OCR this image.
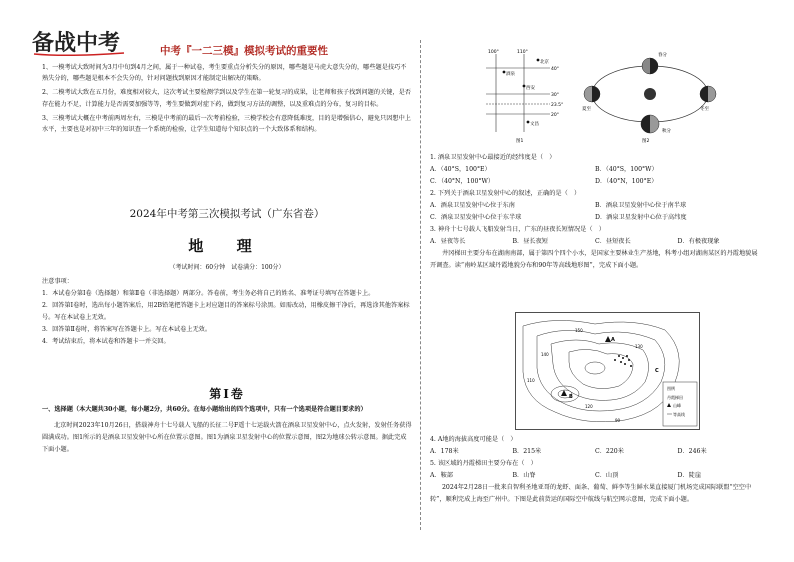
备战中考	中考『一二三模』模拟考试的重要性

1、一模考试大致时间为3月中旬到4月之间，属于一种试卷，考生要重点分析失分的原因，哪些题是马虎大意失分的，哪些题是技巧不熟失分的，哪些题是根本不会失分的，针对问题找到原因才能制定出解决的策略。

2、二模考试大致在五月份，难度相对较大，这次考试主要检测学到以及学生在第一轮复习的成果，让老师和孩子找到问题的关键，是否存在能力不足，计算能力是否需要加强等等，考生要做到对症下药，做到复习方法的调整，以及重难点的分布，复习的目标。

3、三模考试大概在中考前两周左右，三模是中考前的最后一次考前检验，三模学校会有意降低难度，目的是增强信心，避免只因想中上水平，主要也是对初中三年的知识查一个系统的检验，让学生知道每个知识点的一个大致体系和结构。

2024年中考第三次模拟考试（广东省卷）
地 理
（考试时间：60分钟　试卷满分：100分）

注意事项：

1．本试卷分第Ⅰ卷（选择题）和第Ⅱ卷（非选择题）两部分。答卷前，考生务必将自己的姓名、准考证号填写在答题卡上。

2．回答第Ⅰ卷时，选出每小题答案后，用2B铅笔把答题卡上对应题目的答案标号涂黑。如需改动，用橡皮擦干净后，再选涂其他答案标号。写在本试卷上无效。

3．回答第Ⅱ卷时，将答案写在答题卡上。写在本试卷上无效。

4．考试结束后，将本试卷和答题卡一并交回。

第Ⅰ卷

一、选择题（本大题共30小题，每小题2分，共60分。在每小题给出的四个选项中，只有一个选项是符合题目要求的）

北京时间2023年10月26日，搭载神舟十七号载人飞船的长征二号F遥十七运载火箭在酒泉卫星发射中心，点火发射，发射任务获得圆满成功。图1所示的是酒泉卫星发射中心所在位置示意图。图1为酒泉卫星发射中心的位置示意图，图2为地球公转示意图。据此完成下面小题。

100°	110°
40°
30°
23.5°
20°
酒泉
西安
北京
文昌
图1
春分
夏至
秋分
冬至
图2

1. 酒泉卫星发射中心最接近的经纬度是（　）

A．（40°S，100°E）	B．（40°S，100°W）
C．（40°N，100°W）	D．（40°N，100°E）

2. 下列关于酒泉卫星发射中心的叙述，正确的是（　）

A．酒泉卫星发射中心位于东南	B．酒泉卫星发射中心位于南半球
C．酒泉卫星发射中心位于东半球	D．酒泉卫星发射中心位于高纬度

3. 神舟十七号载人飞船发射当日，广东的昼夜长短情况是（　）

A．昼夜等长	B．昼长夜短	C．昼短夜长	D．有极夜现象

井冈梯田主要分布在湖南南部，属于第四个四个小水，是国家主要林业生产基地，科考小组对湖南某区的丹霞地貌展开调查。读“南岭某区域丹霞地貌分布和90年等高线地形图”，完成下面小题。

A
B
C
150
140
130
120
110
90
图例
丹霞梯田
山峰
等高线

4. A地的海拔高度可能是（　）

A．178米	B．215米	C．220米	D．246米

5. 该区域的丹霞梯田主要分布在（　）

A．鞍部	B．山脊	C．山顶	D．陡崖

2024年2月28日一批来自智利圣地亚哥的龙虾、面条、葡萄、鲜李等生鲜水果直接厦门机场完成国际联盟“空空中转”，顺利完成上海至广州中。下图是此前货运的国际空中航线与航空网示意图，完成下面小题。
